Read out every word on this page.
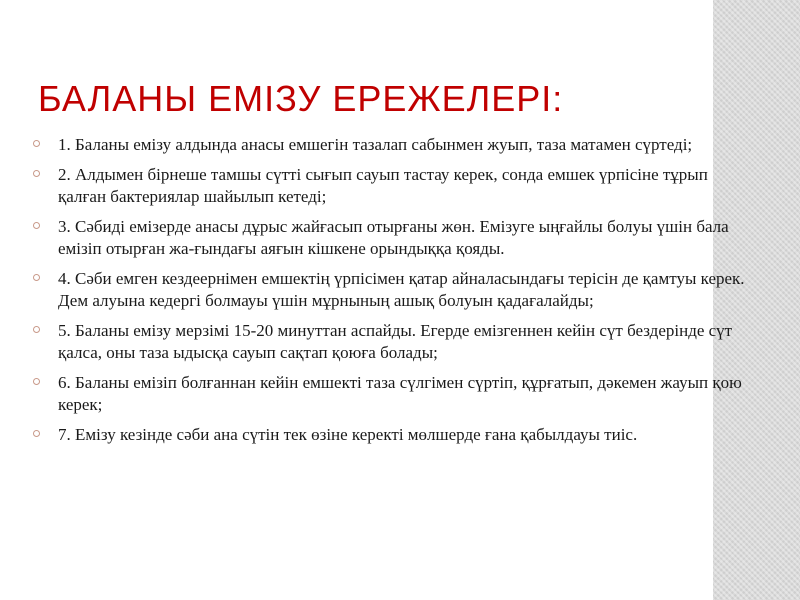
БАЛАНЫ ЕМІЗУ ЕРЕЖЕЛЕРІ:
1. Баланы емізу алдында анасы емшегін тазалап сабынмен жуып, таза матамен сүртеді;
2. Алдымен бірнеше тамшы сүтті сығып сауып тастау керек, сонда емшек үрпісіне тұрып қалған бактериялар шайылып кетеді;
3. Сәбиді емізерде анасы дұрыс жайғасып отырғаны жөн. Емізуге ыңғайлы болуы үшін бала емізіп отырған жа-ғындағы аяғын кішкене орындыққа қояды.
4. Сәби емген кездеернімен емшектің үрпісімен қатар айналасындағы терісін де қамтуы керек. Дем алуына кедергі болмауы үшін мұрнының ашық болуын қадағалайды;
5. Баланы емізу мерзімі 15-20 минуттан аспайды. Егерде емізгеннен кейін сүт бездерінде сүт қалса, оны таза ыдысқа сауып сақтап қоюға болады;
6. Баланы емізіп болғаннан кейін емшекті таза сүлгімен сүртіп, құрғатып, дәкемен жауып қою керек;
7. Емізу кезінде сәби ана сүтін тек өзіне керекті мөлшерде ғана қабылдауы тиіс.
